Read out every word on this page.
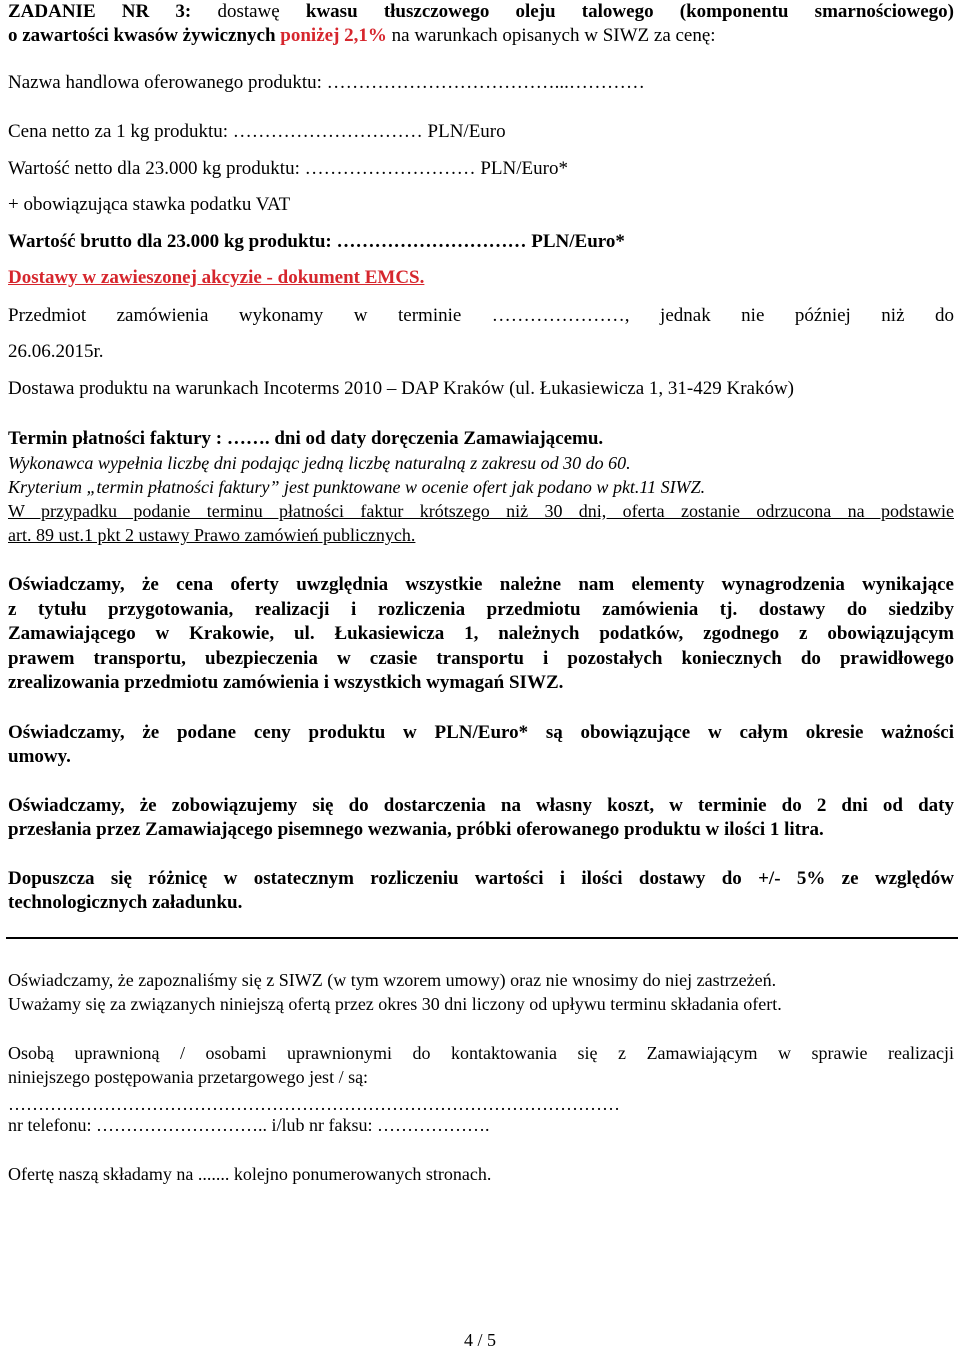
ZADANIE NR 3: dostawę kwasu tłuszczowego oleju talowego (komponentu smarnościowego)
o zawartości kwasów żywicznych poniżej 2,1% na warunkach opisanych w SIWZ za cenę:
Nazwa handlowa oferowanego produktu: ………………………………...…………
Cena netto za 1 kg produktu: ………………………… PLN/Euro
Wartość netto dla 23.000 kg produktu: ……………………… PLN/Euro*
+ obowiązująca stawka podatku VAT
Wartość brutto dla 23.000 kg produktu: ………………………… PLN/Euro*
Dostawy w zawieszonej akcyzie - dokument EMCS.
Przedmiot zamówienia wykonamy w terminie …………………, jednak nie później niż do
26.06.2015r.
Dostawa produktu na warunkach Incoterms 2010 – DAP Kraków (ul. Łukasiewicza 1, 31-429 Kraków)
Termin płatności faktury : ……. dni od daty doręczenia Zamawiającemu.
Wykonawca wypełnia liczbę dni podając jedną liczbę naturalną z zakresu od 30 do 60.
Kryterium „termin płatności faktury” jest punktowane w ocenie ofert jak podano w pkt.11 SIWZ.
W przypadku podanie terminu płatności faktur krótszego niż 30 dni, oferta zostanie odrzucona na podstawie
art. 89 ust.1 pkt 2 ustawy Prawo zamówień publicznych.
Oświadczamy, że cena oferty uwzględnia wszystkie należne nam elementy wynagrodzenia wynikające
z tytułu przygotowania, realizacji i rozliczenia przedmiotu zamówienia tj. dostawy do siedziby
Zamawiającego w Krakowie, ul. Łukasiewicza 1, należnych podatków, zgodnego z obowiązującym
prawem transportu, ubezpieczenia w czasie transportu i pozostałych koniecznych do prawidłowego
zrealizowania przedmiotu zamówienia i wszystkich wymagań SIWZ.
Oświadczamy, że podane ceny produktu w PLN/Euro* są obowiązujące w całym okresie ważności
umowy.
Oświadczamy, że zobowiązujemy się do dostarczenia na własny koszt, w terminie do 2 dni od daty
przesłania przez Zamawiającego pisemnego wezwania, próbki oferowanego produktu w ilości 1 litra.
Dopuszcza się różnicę w ostatecznym rozliczeniu wartości i ilości dostawy do +/- 5% ze względów
technologicznych załadunku.
Oświadczamy, że zapoznaliśmy się z SIWZ (w tym wzorem umowy) oraz nie wnosimy do niej zastrzeżeń.
Uważamy się za związanych niniejszą ofertą przez okres 30 dni liczony od upływu terminu składania ofert.
Osobą uprawnioną / osobami uprawnionymi do kontaktowania się z Zamawiającym w sprawie realizacji
niniejszego postępowania przetargowego jest / są:
…………………………………………………………………………………………
nr telefonu: ……………………….. i/lub nr faksu: ……………….
Ofertę naszą składamy na ....... kolejno ponumerowanych stronach.
4 / 5
